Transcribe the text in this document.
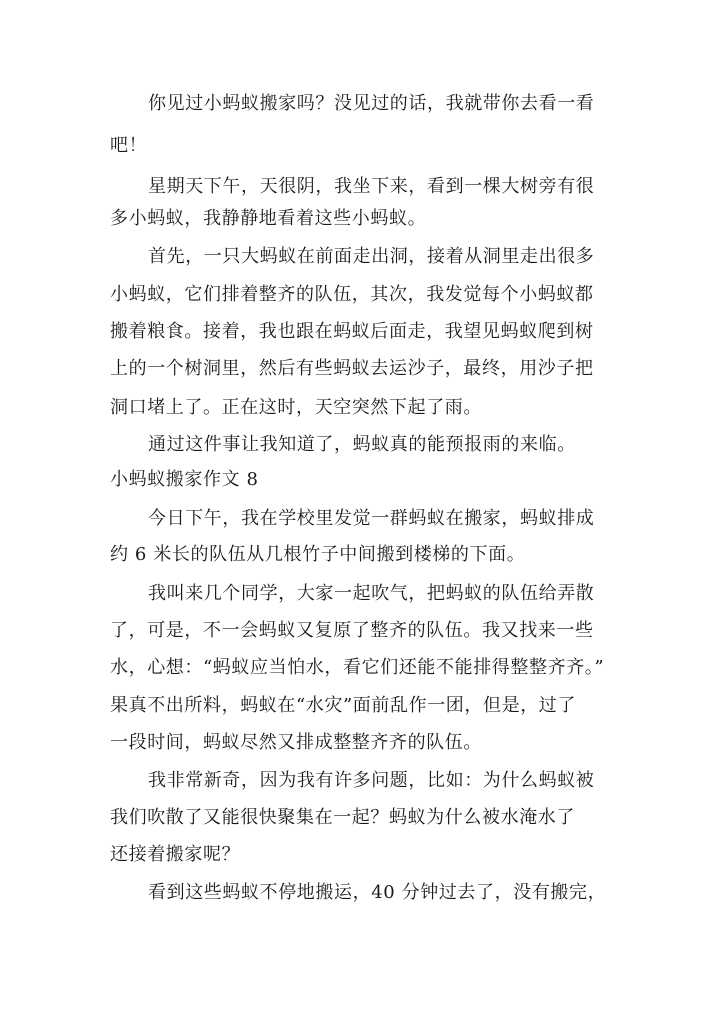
你见过小蚂蚁搬家吗？没见过的话，我就带你去看一看
吧！
星期天下午，天很阴，我坐下来，看到一棵大树旁有很
多小蚂蚁，我静静地看着这些小蚂蚁。
首先，一只大蚂蚁在前面走出洞，接着从洞里走出很多
小蚂蚁，它们排着整齐的队伍，其次，我发觉每个小蚂蚁都
搬着粮食。接着，我也跟在蚂蚁后面走，我望见蚂蚁爬到树
上的一个树洞里，然后有些蚂蚁去运沙子，最终，用沙子把
洞口堵上了。正在这时，天空突然下起了雨。
通过这件事让我知道了，蚂蚁真的能预报雨的来临。
小蚂蚁搬家作文 8
今日下午，我在学校里发觉一群蚂蚁在搬家，蚂蚁排成
约 6 米长的队伍从几根竹子中间搬到楼梯的下面。
我叫来几个同学，大家一起吹气，把蚂蚁的队伍给弄散
了，可是，不一会蚂蚁又复原了整齐的队伍。我又找来一些
水，心想：“蚂蚁应当怕水，看它们还能不能排得整整齐齐。”
果真不出所料，蚂蚁在“水灾”面前乱作一团，但是，过了
一段时间，蚂蚁尽然又排成整整齐齐的队伍。
我非常新奇，因为我有许多问题，比如：为什么蚂蚁被
我们吹散了又能很快聚集在一起？蚂蚁为什么被水淹水了
还接着搬家呢？
看到这些蚂蚁不停地搬运，40 分钟过去了，没有搬完，
